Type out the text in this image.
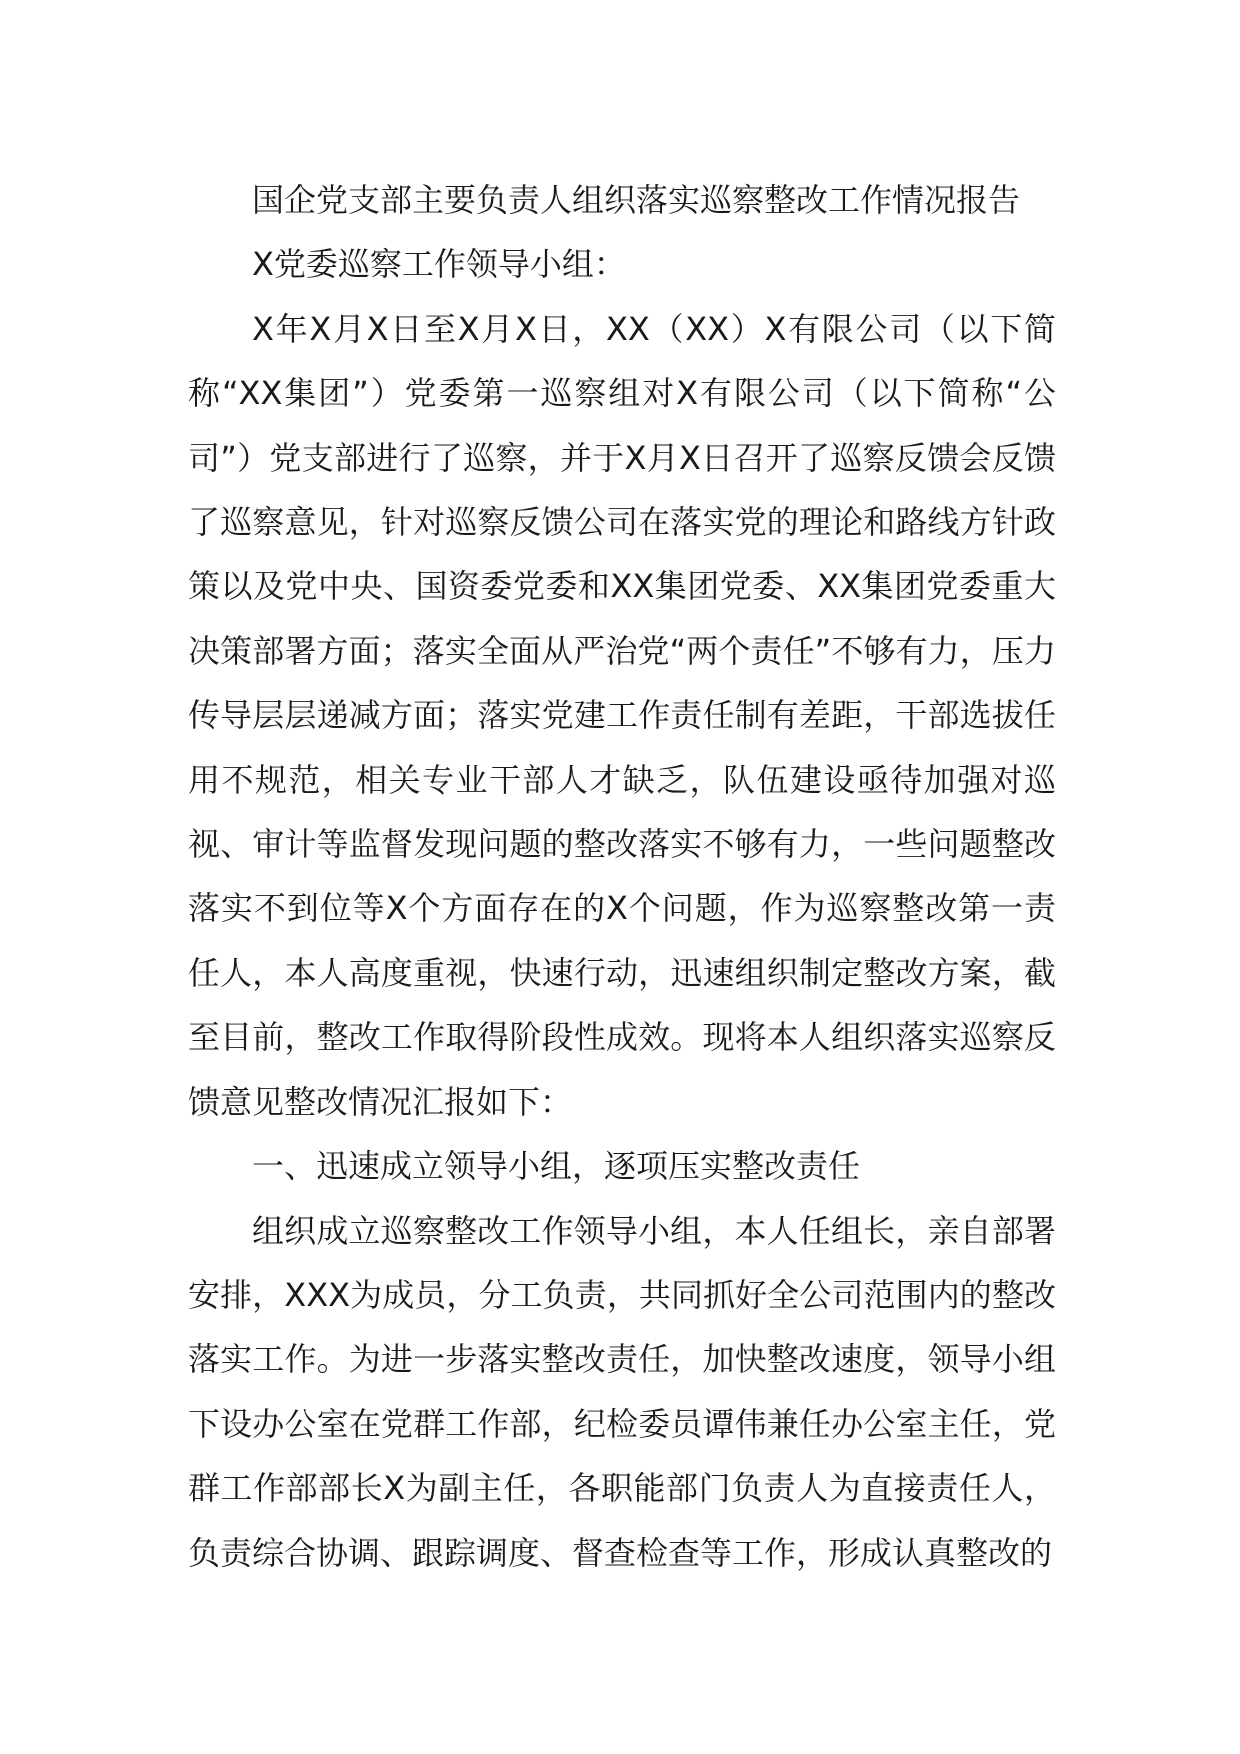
国企党支部主要负责人组织落实巡察整改工作情况报告

X党委巡察工作领导小组：

X年X月X日至X月X日，XX（XX）X有限公司（以下简称“XX集团”）党委第一巡察组对X有限公司（以下简称“公司”）党支部进行了巡察，并于X月X日召开了巡察反馈会反馈了巡察意见，针对巡察反馈公司在落实党的理论和路线方针政策以及党中央、国资委党委和XX集团党委、XX集团党委重大决策部署方面；落实全面从严治党“两个责任”不够有力，压力传导层层递减方面；落实党建工作责任制有差距，干部选拔任用不规范，相关专业干部人才缺乏，队伍建设亟待加强对巡视、审计等监督发现问题的整改落实不够有力，一些问题整改落实不到位等X个方面存在的X个问题，作为巡察整改第一责任人，本人高度重视，快速行动，迅速组织制定整改方案，截至目前，整改工作取得阶段性成效。现将本人组织落实巡察反馈意见整改情况汇报如下：

一、迅速成立领导小组，逐项压实整改责任

组织成立巡察整改工作领导小组，本人任组长，亲自部署安排，XXX为成员，分工负责，共同抓好全公司范围内的整改落实工作。为进一步落实整改责任，加快整改速度，领导小组下设办公室在党群工作部，纪检委员谭伟兼任办公室主任，党群工作部部长X为副主任，各职能部门负责人为直接责任人，负责综合协调、跟踪调度、督查检查等工作，形成认真整改的
